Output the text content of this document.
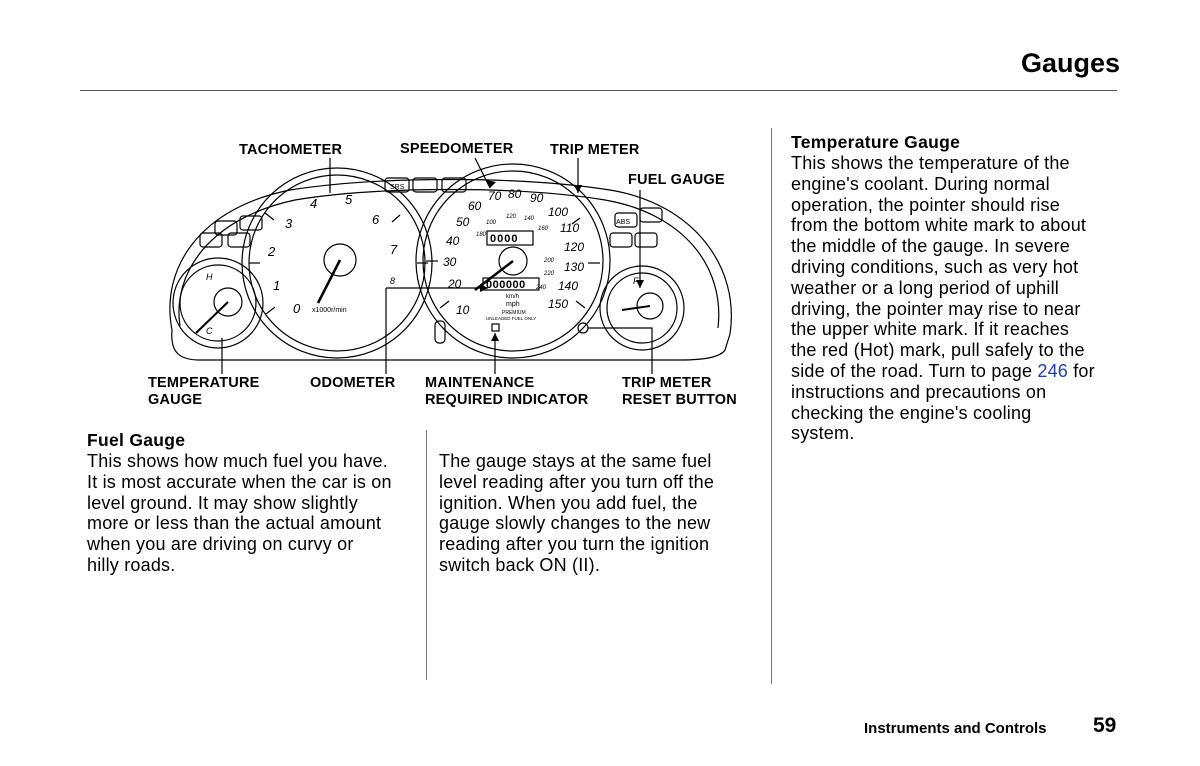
Gauges
0
1
2
3
4 5
6
7
8
x1000r/min	10
20
30
40
50
60
70 80 90
100
110
120
130
140
150
100
120 140
160
180
200
220
240
0000
000000
km/h
mph
PREMIUM
UNLEADED FUEL ONLY
H
C
F
SRS
ABS
TACHOMETER	SPEEDOMETER	TRIP METER
FUEL GAUGE
TEMPERATURE
GAUGE
ODOMETER MAINTENANCE
REQUIRED INDICATOR
TRIP METER
RESET BUTTON
Fuel Gauge
This shows how much fuel you have.
It is most accurate when the car is on
level ground. It may show slightly
more or less than the actual amount
when you are driving on curvy or
hilly roads.
The gauge stays at the same fuel
level reading after you turn off the
ignition. When you add fuel, the
gauge slowly changes to the new
reading after you turn the ignition
switch back ON (II).
Temperature Gauge
This shows the temperature of the
engine's coolant. During normal
operation, the pointer should rise
from the bottom white mark to about
the middle of the gauge. In severe
driving conditions, such as very hot
weather or a long period of uphill
driving, the pointer may rise to near
the upper white mark. If it reaches
the red (Hot) mark, pull safely to the
side of the road. Turn to page 246 for
instructions and precautions on
checking the engine's cooling
system.
Instruments and Controls 59
